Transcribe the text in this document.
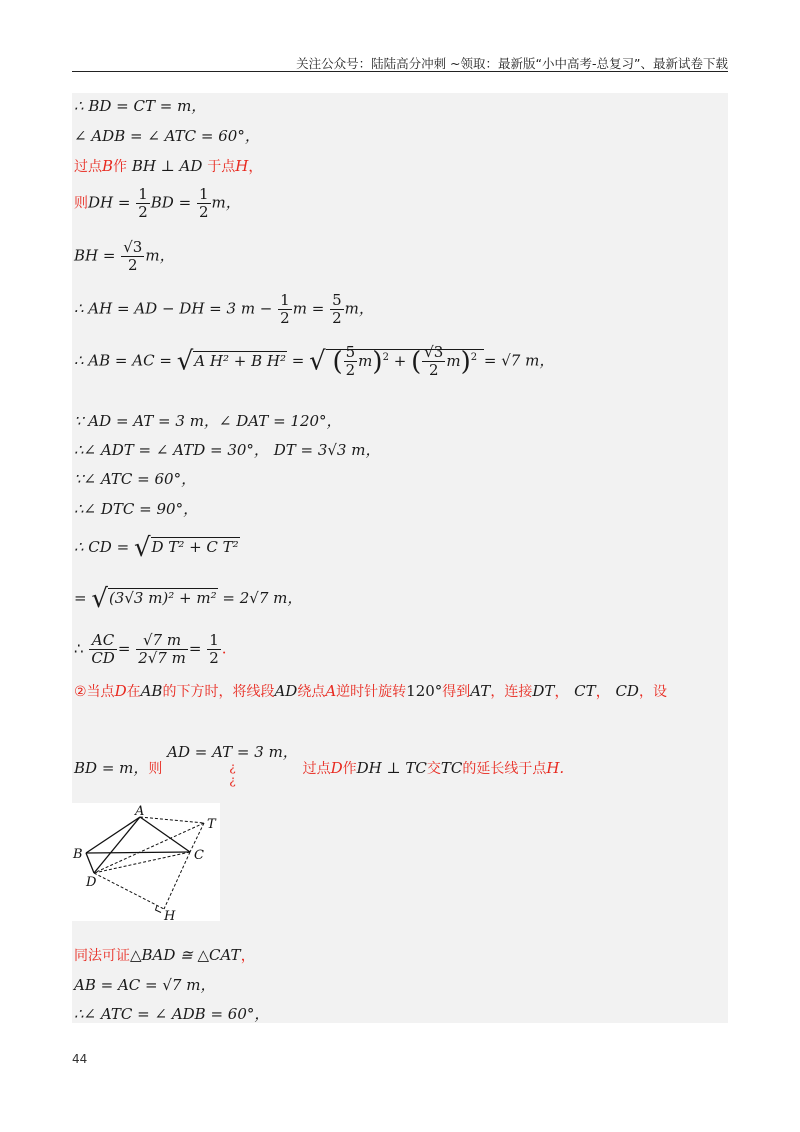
关注公众号：陆陆高分冲刺 ~领取：最新版“小中高考-总复习”、最新试卷下载
∴ BD = CT = m，
∠ ADB = ∠ ATC = 60°，
过点B作 BH ⊥ AD 于点H，
则DH = $\frac{1}{2}$ BD = $\frac{1}{2}$ m，
BH = $\frac{√3}{2}$ m，
∴ AH = AD − DH = 3 $m - \frac{1}{2}$ $m = \frac{5}{2}$ m，
∴ AB = AC = √A H² + B H² = √ ( $\frac{5}{2} m)^2$ + ( $\frac{√3}{2} m)^2 = √7$ m，
∵ AD = AT = 3 m，∠ DAT = 120°，
∴∠ ADT = ∠ ATD = 30°， DT = 3√3 m，
∵∠ ATC = 60°，
∴∠ DTC = 90°，
∴ CD = √D T² + C T²
= √(3√3 m)² + m² = 2√7 m，
∴ $\frac{AC}{CD} = \frac{√7 m}{2√7 m} = \frac{1}{2}$ .
②当点D在AB的下方时，将线段AD绕点A逆时针旋转120°得到AT，连接DT， CT， CD，设
BD = m，则
AD = AT = 3 m，
¿
¿
过点D作DH ⊥ TC交TC的延长线于点H.
A
T
B	C
D
H
同法可证△BAD ≅ △CAT，
AB = AC = √7 m，
∴∠ ATC = ∠ ADB = 60°，
44
